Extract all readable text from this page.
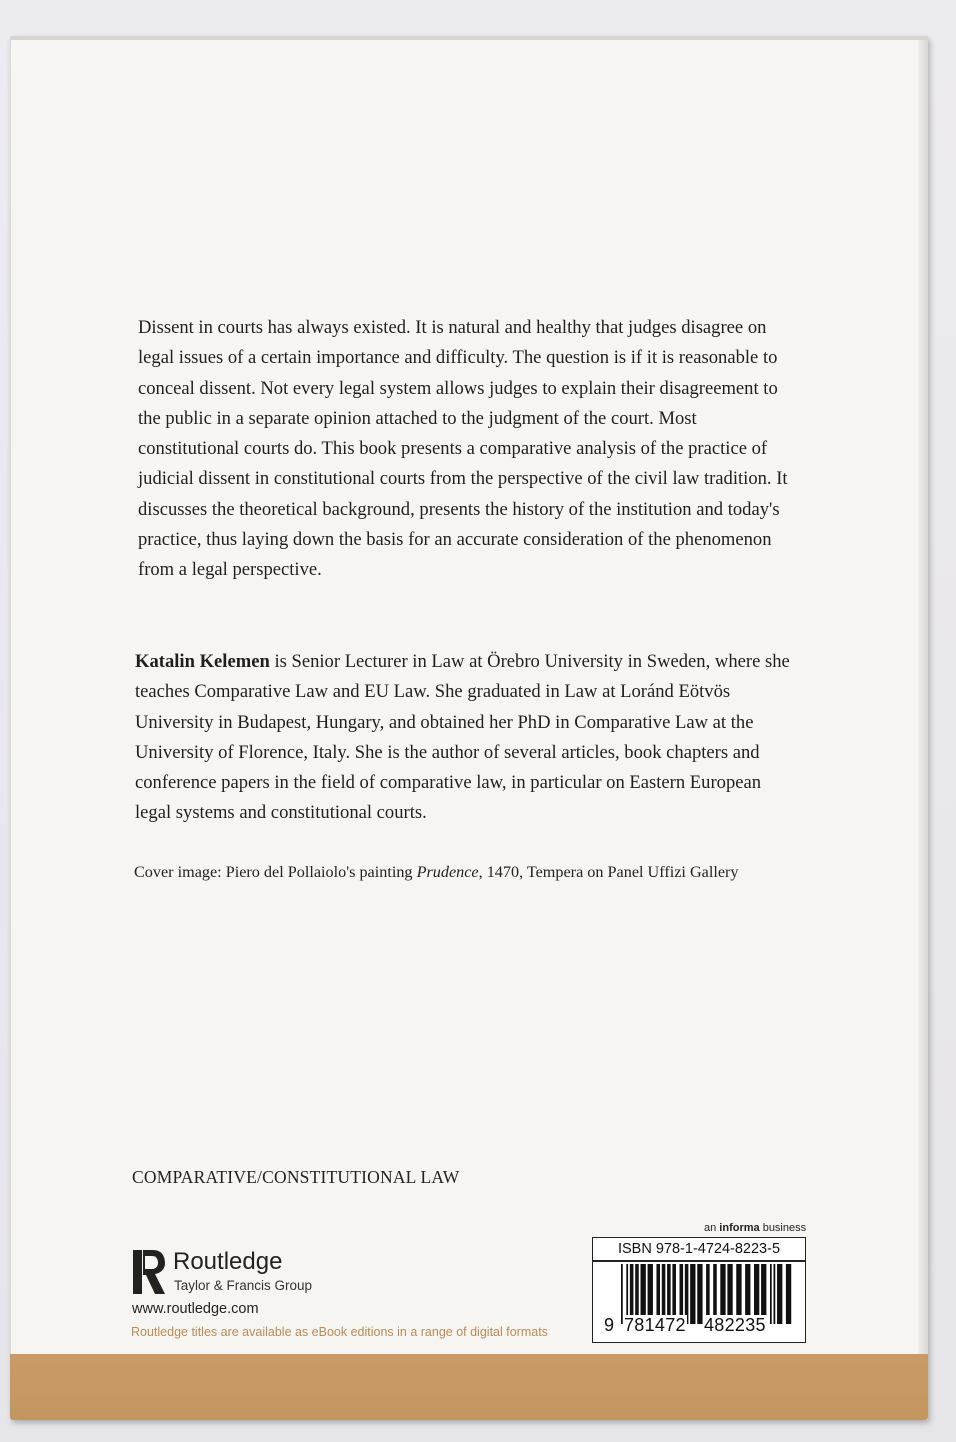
Dissent in courts has always existed. It is natural and healthy that judges disagree on legal issues of a certain importance and difficulty. The question is if it is reasonable to conceal dissent. Not every legal system allows judges to explain their disagreement to the public in a separate opinion attached to the judgment of the court. Most constitutional courts do. This book presents a comparative analysis of the practice of judicial dissent in constitutional courts from the perspective of the civil law tradition. It discusses the theoretical background, presents the history of the institution and today's practice, thus laying down the basis for an accurate consideration of the phenomenon from a legal perspective.

Katalin Kelemen is Senior Lecturer in Law at Örebro University in Sweden, where she teaches Comparative Law and EU Law. She graduated in Law at Loránd Eötvös University in Budapest, Hungary, and obtained her PhD in Comparative Law at the University of Florence, Italy. She is the author of several articles, book chapters and conference papers in the field of comparative law, in particular on Eastern European legal systems and constitutional courts.
Cover image: Piero del Pollaiolo's painting Prudence, 1470, Tempera on Panel Uffizi Gallery
COMPARATIVE/CONSTITUTIONAL LAW
Routledge
Taylor & Francis Group
www.routledge.com
Routledge titles are available as eBook editions in a range of digital formats
an informa business
ISBN 978-1-4724-8223-5
9 781472 482235
